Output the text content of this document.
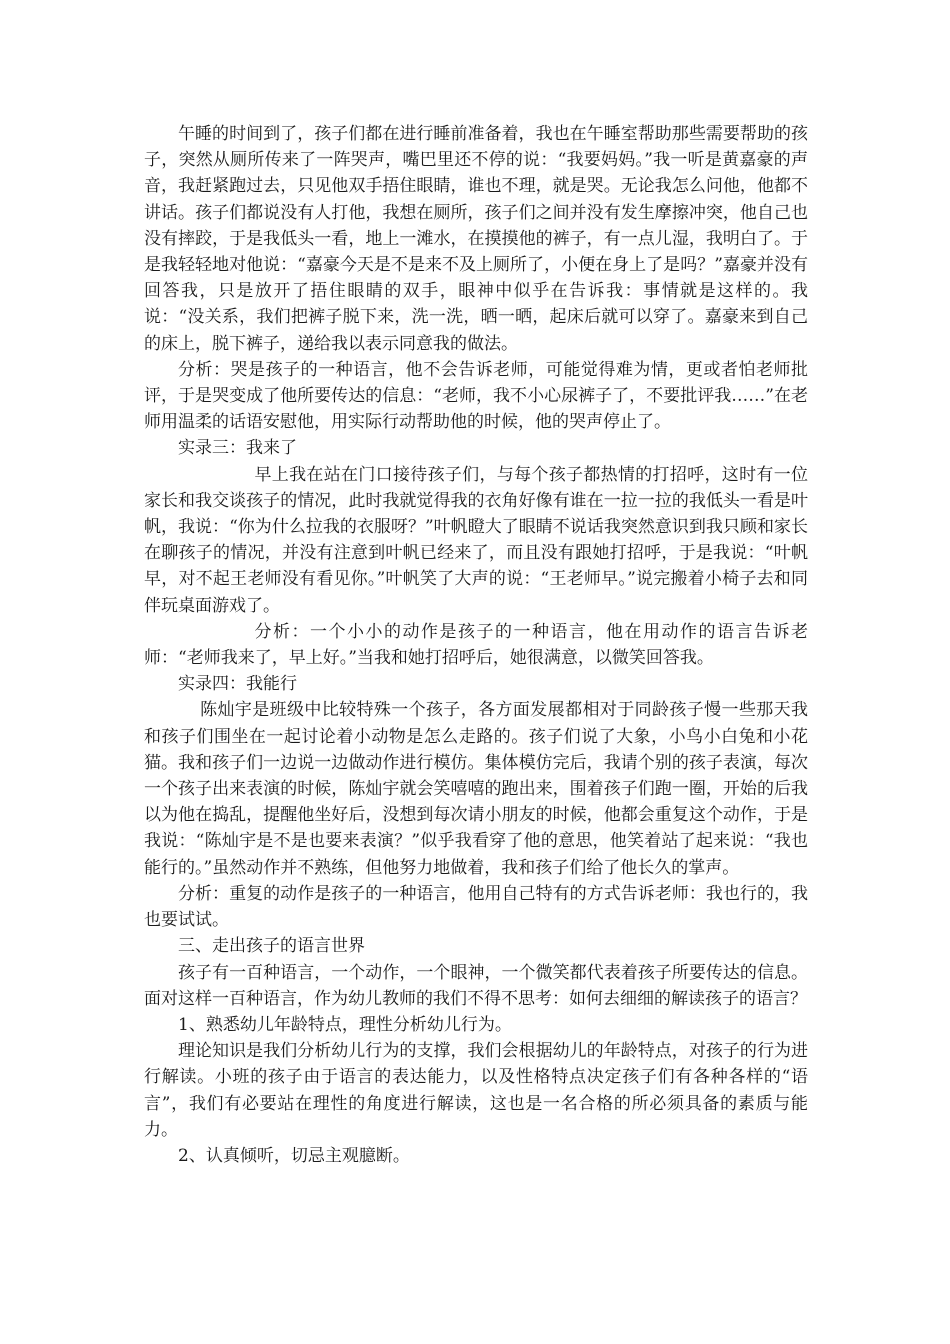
午睡的时间到了，孩子们都在进行睡前准备着，我也在午睡室帮助那些需要帮助的孩子，突然从厕所传来了一阵哭声，嘴巴里还不停的说：“我要妈妈。”我一听是黄嘉豪的声音，我赶紧跑过去，只见他双手捂住眼睛，谁也不理，就是哭。无论我怎么问他，他都不讲话。孩子们都说没有人打他，我想在厕所，孩子们之间并没有发生摩擦冲突，他自己也没有摔跤，于是我低头一看，地上一滩水，在摸摸他的裤子，有一点儿湿，我明白了。于是我轻轻地对他说：“嘉豪今天是不是来不及上厕所了，小便在身上了是吗？”嘉豪并没有回答我，只是放开了捂住眼睛的双手，眼神中似乎在告诉我：事情就是这样的。我说：“没关系，我们把裤子脱下来，洗一洗，晒一晒，起床后就可以穿了。嘉豪来到自己的床上，脱下裤子，递给我以表示同意我的做法。

分析：哭是孩子的一种语言，他不会告诉老师，可能觉得难为情，更或者怕老师批评，于是哭变成了他所要传达的信息：“老师，我不小心尿裤子了，不要批评我……”在老师用温柔的话语安慰他，用实际行动帮助他的时候，他的哭声停止了。

实录三：我来了

早上我在站在门口接待孩子们，与每个孩子都热情的打招呼，这时有一位家长和我交谈孩子的情况，此时我就觉得我的衣角好像有谁在一拉一拉的我低头一看是叶帆，我说：“你为什么拉我的衣服呀？”叶帆瞪大了眼睛不说话我突然意识到我只顾和家长在聊孩子的情况，并没有注意到叶帆已经来了，而且没有跟她打招呼，于是我说：“叶帆早，对不起王老师没有看见你。”叶帆笑了大声的说：“王老师早。”说完搬着小椅子去和同伴玩桌面游戏了。

分析：一个小小的动作是孩子的一种语言，他在用动作的语言告诉老师：“老师我来了，早上好。”当我和她打招呼后，她很满意，以微笑回答我。

实录四：我能行

陈灿宇是班级中比较特殊一个孩子，各方面发展都相对于同龄孩子慢一些那天我和孩子们围坐在一起讨论着小动物是怎么走路的。孩子们说了大象，小鸟小白兔和小花猫。我和孩子们一边说一边做动作进行模仿。集体模仿完后，我请个别的孩子表演，每次一个孩子出来表演的时候，陈灿宇就会笑嘻嘻的跑出来，围着孩子们跑一圈，开始的后我以为他在捣乱，提醒他坐好后，没想到每次请小朋友的时候，他都会重复这个动作，于是我说：“陈灿宇是不是也要来表演？”似乎我看穿了他的意思，他笑着站了起来说：“我也能行的。”虽然动作并不熟练，但他努力地做着，我和孩子们给了他长久的掌声。

分析：重复的动作是孩子的一种语言，他用自己特有的方式告诉老师：我也行的，我也要试试。

三、走出孩子的语言世界

孩子有一百种语言，一个动作，一个眼神，一个微笑都代表着孩子所要传达的信息。面对这样一百种语言，作为幼儿教师的我们不得不思考：如何去细细的解读孩子的语言？

1、熟悉幼儿年龄特点，理性分析幼儿行为。

理论知识是我们分析幼儿行为的支撑，我们会根据幼儿的年龄特点，对孩子的行为进行解读。小班的孩子由于语言的表达能力，以及性格特点决定孩子们有各种各样的“语言”，我们有必要站在理性的角度进行解读，这也是一名合格的所必须具备的素质与能力。

2、认真倾听，切忌主观臆断。
